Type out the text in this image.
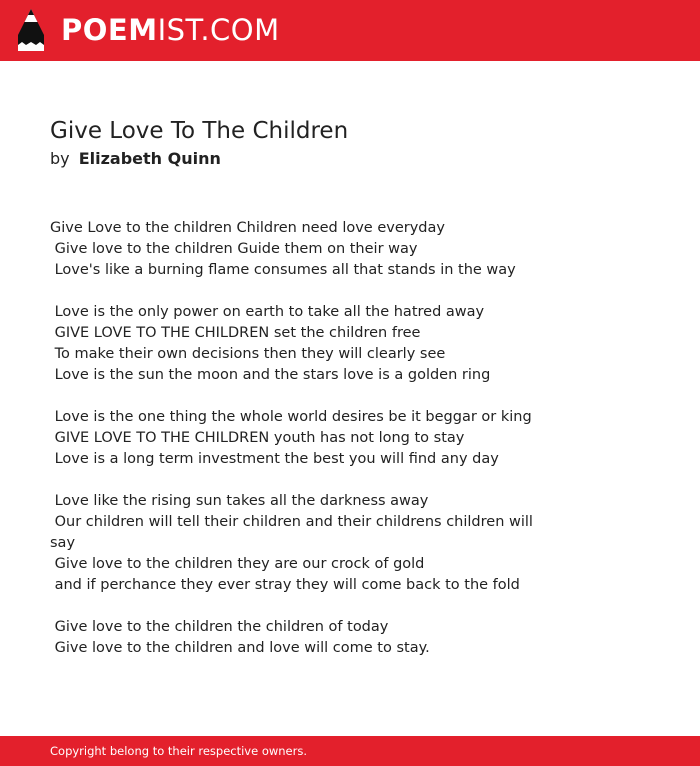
POEMIST.COM
Give Love To The Children
by Elizabeth Quinn
Give Love to the children Children need love everyday
Give love to the children Guide them on their way
Love's like a burning flame consumes all that stands in the way
Love is the only power on earth to take all the hatred away
GIVE LOVE TO THE CHILDREN set the children free
To make their own decisions then they will clearly see
Love is the sun the moon and the stars love is a golden ring
Love is the one thing the whole world desires be it beggar or king
GIVE LOVE TO THE CHILDREN youth has not long to stay
Love is a long term investment the best you will find any day
Love like the rising sun takes all the darkness away
Our children will tell their children and their childrens children will
say
Give love to the children they are our crock of gold
and if perchance they ever stray they will come back to the fold
Give love to the children the children of today
Give love to the children and love will come to stay.
Copyright belong to their respective owners.
